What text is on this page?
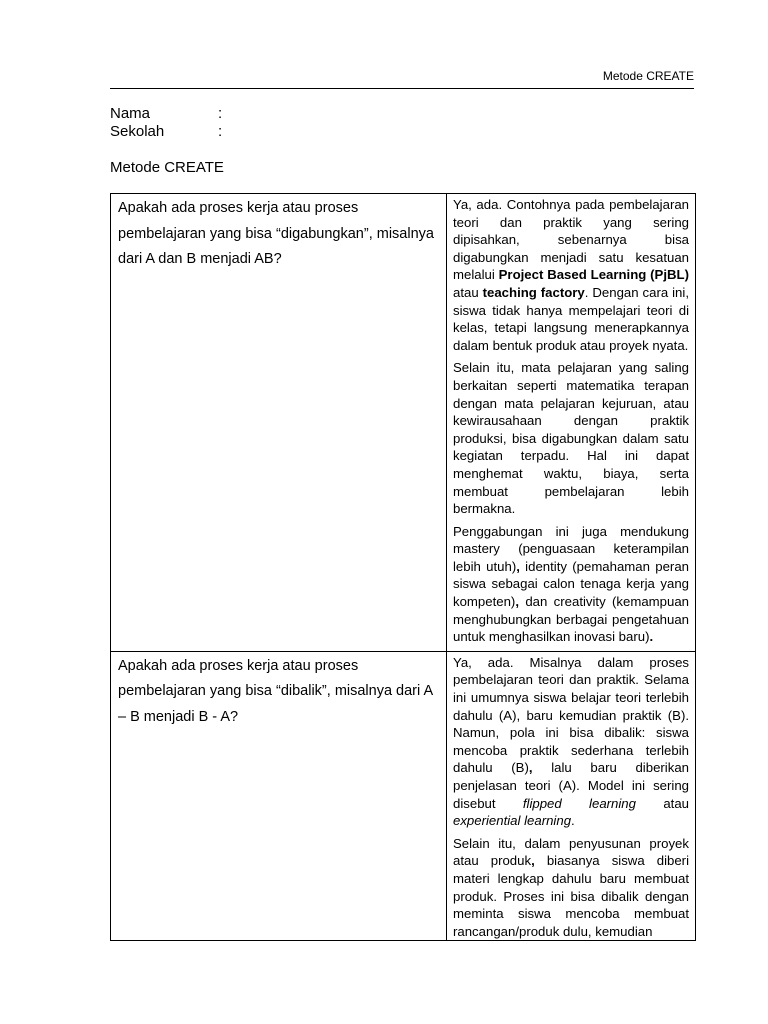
Metode CREATE
Nama	:
Sekolah	:
Metode CREATE
Apakah ada proses kerja atau proses pembelajaran yang bisa “digabungkan”, misalnya dari A dan B menjadi AB?	Ya, ada. Contohnya pada pembelajaran teori dan praktik yang sering dipisahkan, sebenarnya bisa digabungkan menjadi satu kesatuan melalui Project Based Learning (PjBL) atau teaching factory. Dengan cara ini, siswa tidak hanya mempelajari teori di kelas, tetapi langsung menerapkannya dalam bentuk produk atau proyek nyata.

Selain itu, mata pelajaran yang saling berkaitan seperti matematika terapan dengan mata pelajaran kejuruan, atau kewirausahaan dengan praktik produksi, bisa digabungkan dalam satu kegiatan terpadu. Hal ini dapat menghemat waktu, biaya, serta membuat pembelajaran lebih bermakna.

Penggabungan ini juga mendukung mastery (penguasaan keterampilan lebih utuh), identity (pemahaman peran siswa sebagai calon tenaga kerja yang kompeten), dan creativity (kemampuan menghubungkan berbagai pengetahuan untuk menghasilkan inovasi baru).

Apakah ada proses kerja atau proses pembelajaran yang bisa “dibalik”, misalnya dari A – B menjadi B - A?	Ya, ada. Misalnya dalam proses pembelajaran teori dan praktik. Selama ini umumnya siswa belajar teori terlebih dahulu (A), baru kemudian praktik (B). Namun, pola ini bisa dibalik: siswa mencoba praktik sederhana terlebih dahulu (B), lalu baru diberikan penjelasan teori (A). Model ini sering disebut flipped learning atau experiential learning.

Selain itu, dalam penyusunan proyek atau produk, biasanya siswa diberi materi lengkap dahulu baru membuat produk. Proses ini bisa dibalik dengan meminta siswa mencoba membuat rancangan/produk dulu, kemudian
